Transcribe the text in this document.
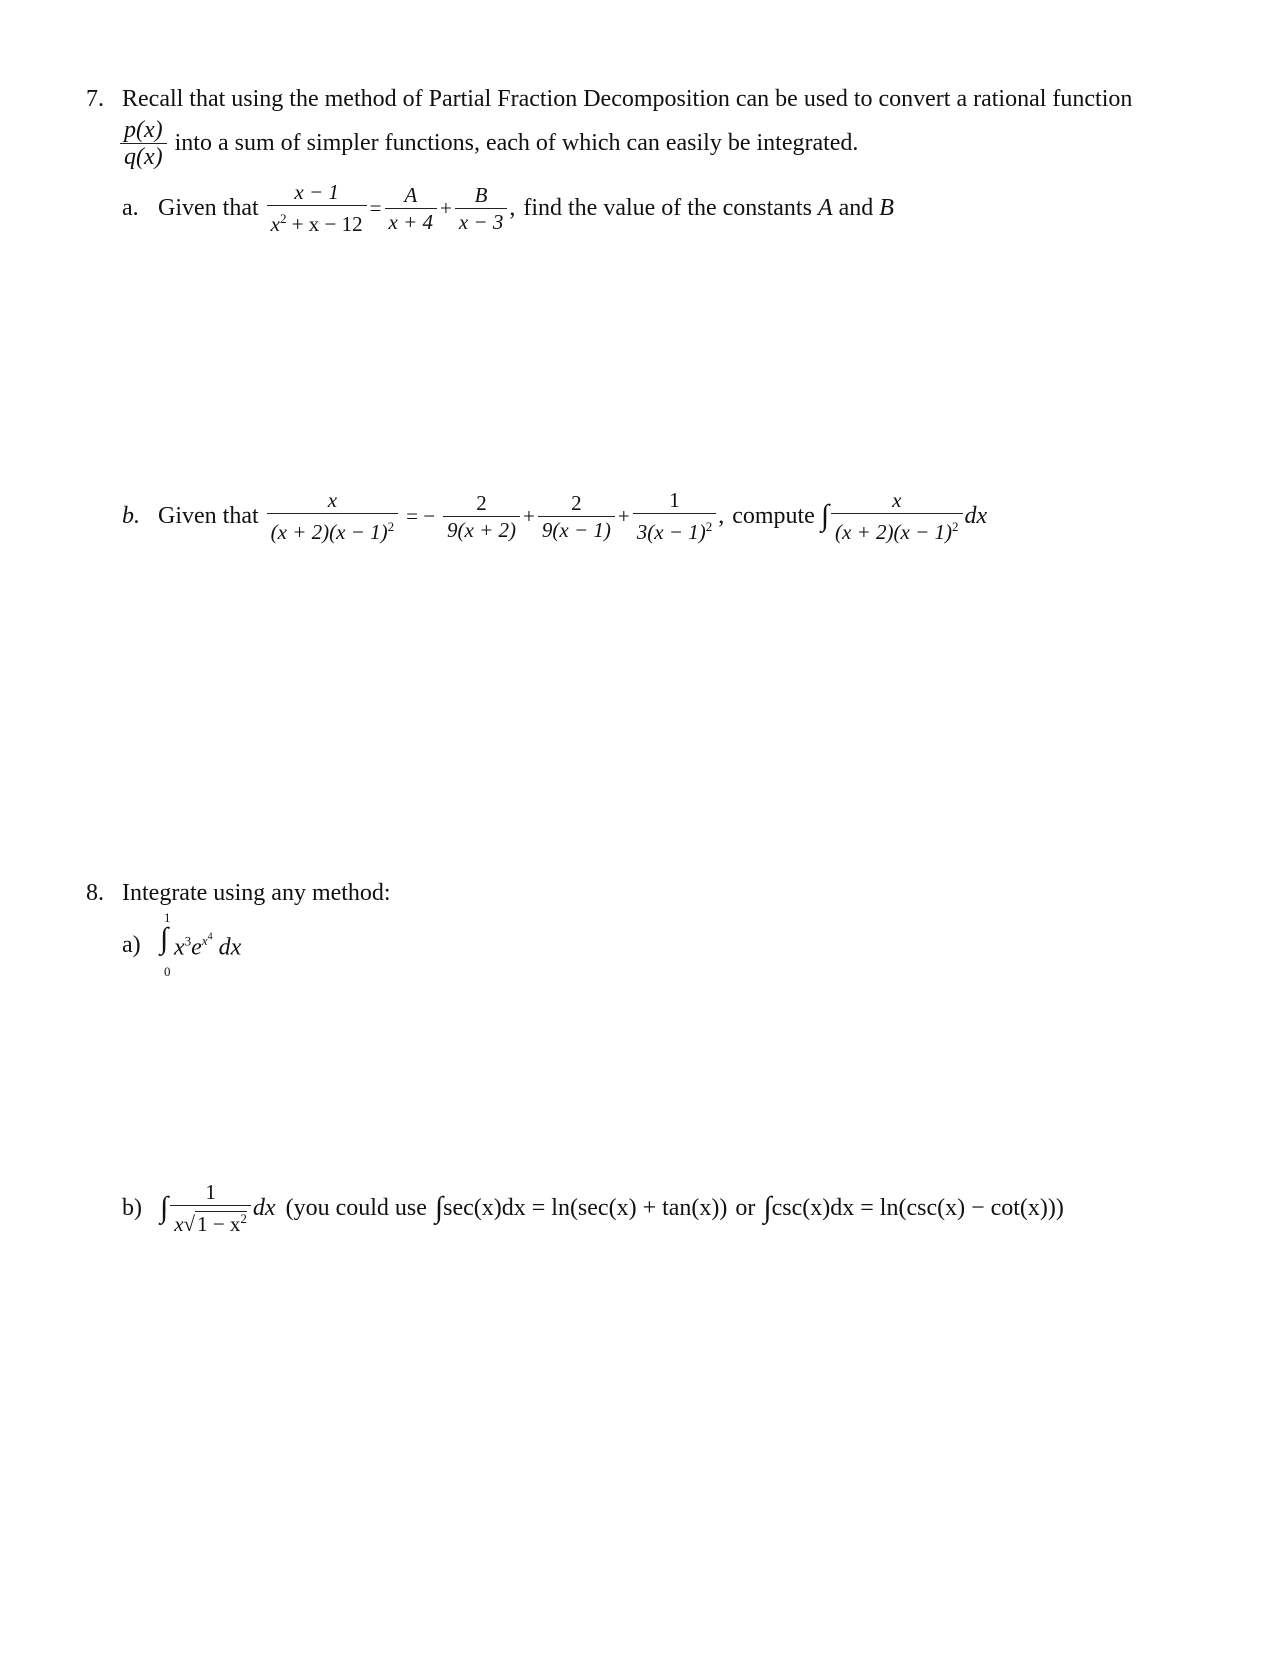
7. Recall that using the method of Partial Fraction Decomposition can be used to convert a rational function
$\frac{p(x)}{q(x)}$ into a sum of simpler functions, each of which can easily be integrated.
a. Given that $\frac{x - 1}{x^2 + x - 12} = \frac{A}{x + 4} + \frac{B}{x - 3}$ , find the value of the constants A and B
b. Given that $\frac{x}{(x + 2)(x - 1)^2}$ = − $\frac{2}{9(x + 2)} + \frac{2}{9(x - 1)} + \frac{1}{3(x - 1)^2}$ , compute ∫ $\frac{x}{(x + 2)(x - 1)^2}$ dx
8. Integrate using any method:
a)
1
∫
0
$x^3e^{x^4}$ dx
b) ∫ $\frac{1}{x√1 - x^2}$ dx (you could use ∫ sec(x)dx = ln(sec(x) + tan(x)) or ∫ csc(x)dx = ln(csc(x) − cot(x)) )
